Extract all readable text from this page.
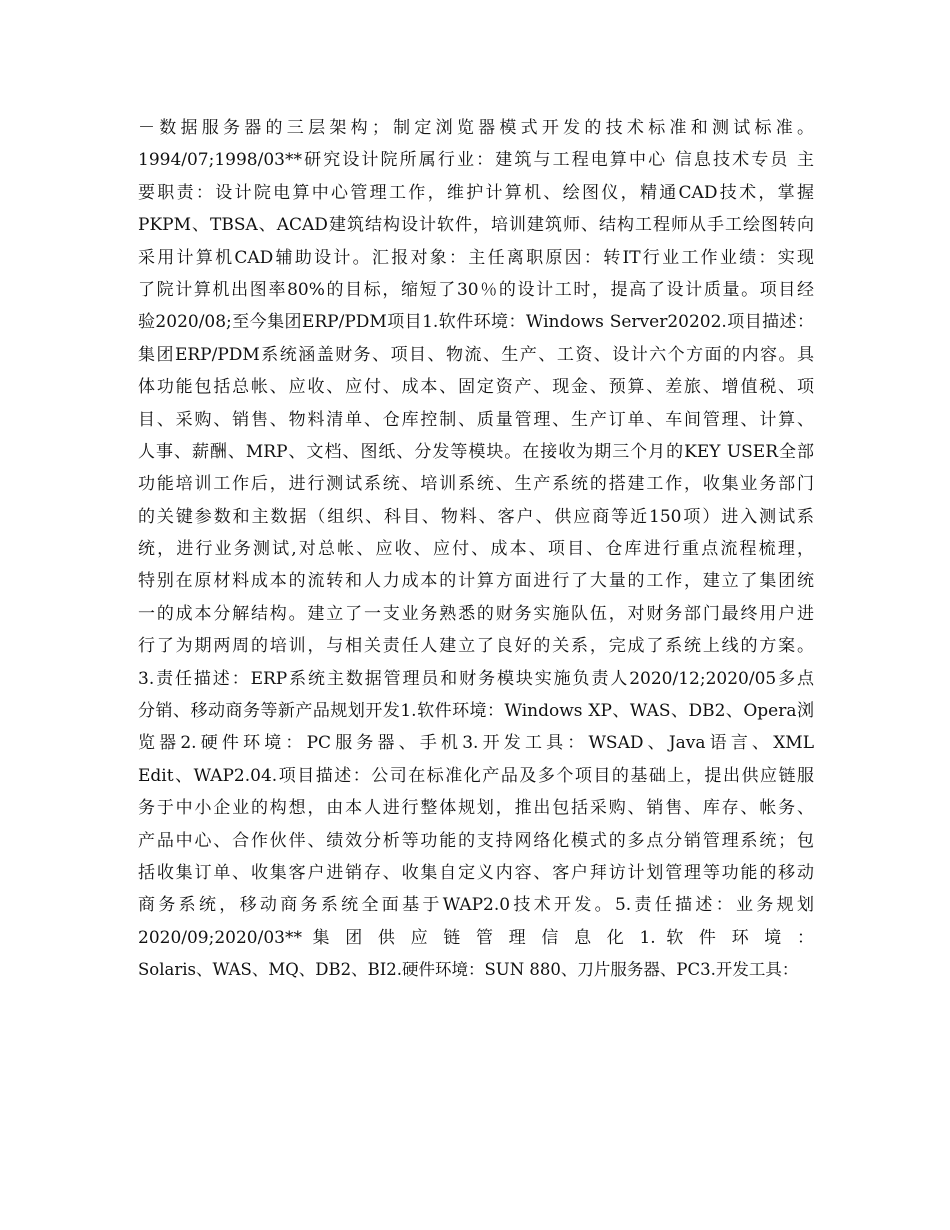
－数据服务器的三层架构；制定浏览器模式开发的技术标准和测试标准。
1994/07;1998/03**研究设计院所属行业：建筑与工程电算中心 信息技术专员 主
要职责：设计院电算中心管理工作，维护计算机、绘图仪，精通CAD技术，掌握
PKPM、TBSA、ACAD建筑结构设计软件，培训建筑师、结构工程师从手工绘图转向
采用计算机CAD辅助设计。汇报对象：主任离职原因：转IT行业工作业绩：实现
了院计算机出图率80%的目标，缩短了30％的设计工时，提高了设计质量。项目经
验2020/08;至今集团ERP/PDM项目1.软件环境：Windows Server20202.项目描述：
集团ERP/PDM系统涵盖财务、项目、物流、生产、工资、设计六个方面的内容。具
体功能包括总帐、应收、应付、成本、固定资产、现金、预算、差旅、增值税、项
目、采购、销售、物料清单、仓库控制、质量管理、生产订单、车间管理、计算、
人事、薪酬、MRP、文档、图纸、分发等模块。在接收为期三个月的KEY USER全部
功能培训工作后，进行测试系统、培训系统、生产系统的搭建工作，收集业务部门
的关键参数和主数据（组织、科目、物料、客户、供应商等近150项）进入测试系
统，进行业务测试,对总帐、应收、应付、成本、项目、仓库进行重点流程梳理，
特别在原材料成本的流转和人力成本的计算方面进行了大量的工作，建立了集团统
一的成本分解结构。建立了一支业务熟悉的财务实施队伍，对财务部门最终用户进
行了为期两周的培训，与相关责任人建立了良好的关系，完成了系统上线的方案。
3.责任描述：ERP系统主数据管理员和财务模块实施负责人2020/12;2020/05多点
分销、移动商务等新产品规划开发1.软件环境：Windows XP、WAS、DB2、Opera浏
览器2.硬件环境：PC服务器、手机3.开发工具：WSAD、Java语言、XML
Edit、WAP2.04.项目描述：公司在标准化产品及多个项目的基础上，提出供应链服
务于中小企业的构想，由本人进行整体规划，推出包括采购、销售、库存、帐务、
产品中心、合作伙伴、绩效分析等功能的支持网络化模式的多点分销管理系统；包
括收集订单、收集客户进销存、收集自定义内容、客户拜访计划管理等功能的移动
商务系统，移动商务系统全面基于WAP2.0技术开发。5.责任描述：业务规划
2020/09;2020/03** 集 团 供 应 链 管 理 信 息 化 1. 软 件 环 境 ：
Solaris、WAS、MQ、DB2、BI2.硬件环境：SUN 880、刀片服务器、PC3.开发工具：
